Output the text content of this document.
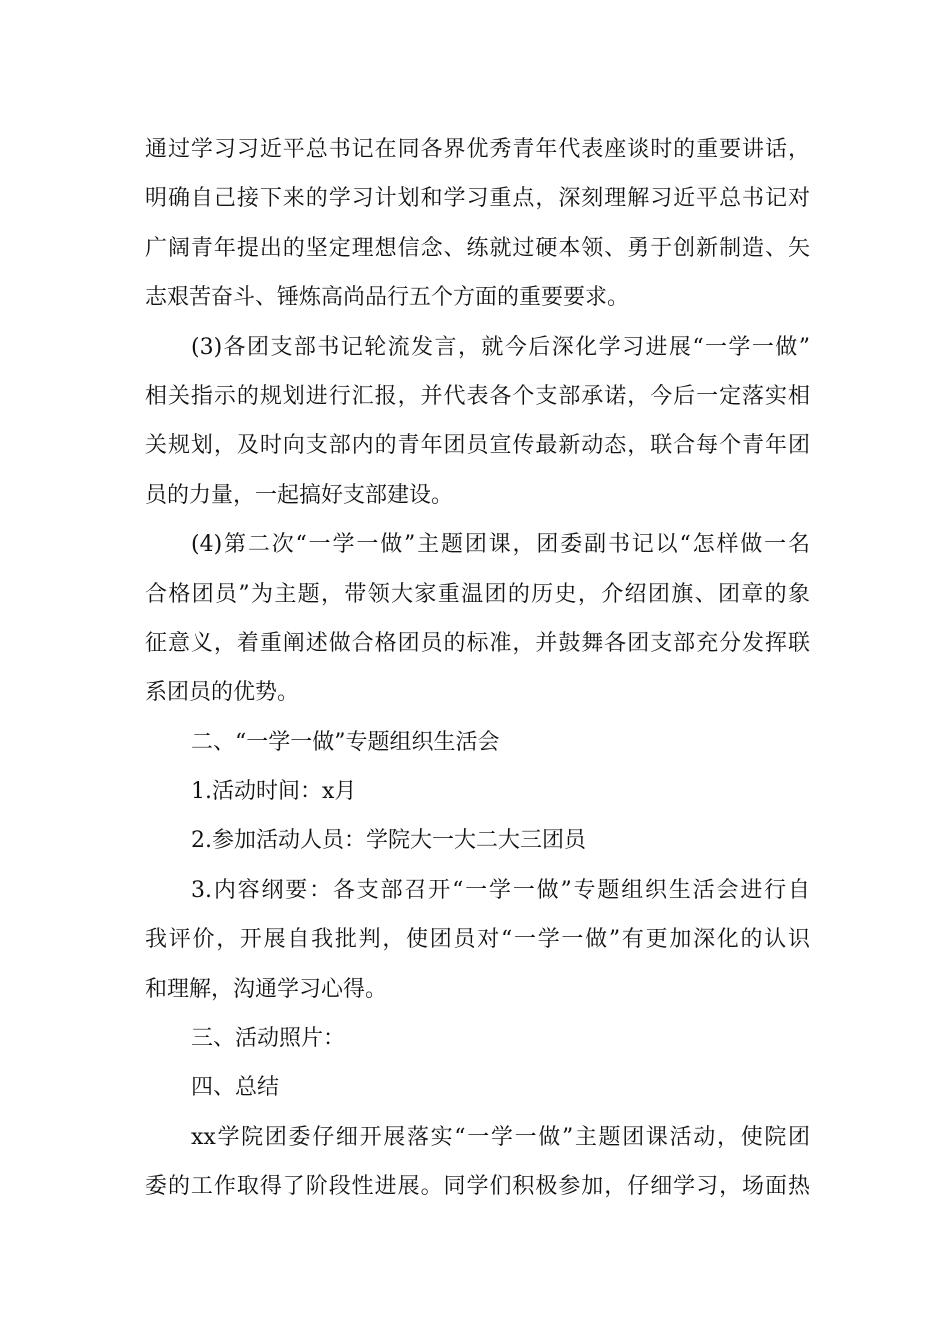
通过学习习近平总书记在同各界优秀青年代表座谈时的重要讲话，
明确自己接下来的学习计划和学习重点，深刻理解习近平总书记对
广阔青年提出的坚定理想信念、练就过硬本领、勇于创新制造、矢
志艰苦奋斗、锤炼高尚品行五个方面的重要要求。
(3)各团支部书记轮流发言，就今后深化学习进展“一学一做”
相关指示的规划进行汇报，并代表各个支部承诺，今后一定落实相
关规划，及时向支部内的青年团员宣传最新动态，联合每个青年团
员的力量，一起搞好支部建设。
(4)第二次“一学一做”主题团课，团委副书记以“怎样做一名
合格团员”为主题，带领大家重温团的历史，介绍团旗、团章的象
征意义，着重阐述做合格团员的标准，并鼓舞各团支部充分发挥联
系团员的优势。
二、“一学一做”专题组织生活会
1.活动时间：x月
2.参加活动人员：学院大一大二大三团员
3.内容纲要：各支部召开“一学一做”专题组织生活会进行自
我评价，开展自我批判，使团员对“一学一做”有更加深化的认识
和理解，沟通学习心得。
三、活动照片：
四、总结
xx学院团委仔细开展落实“一学一做”主题团课活动，使院团
委的工作取得了阶段性进展。同学们积极参加，仔细学习，场面热
